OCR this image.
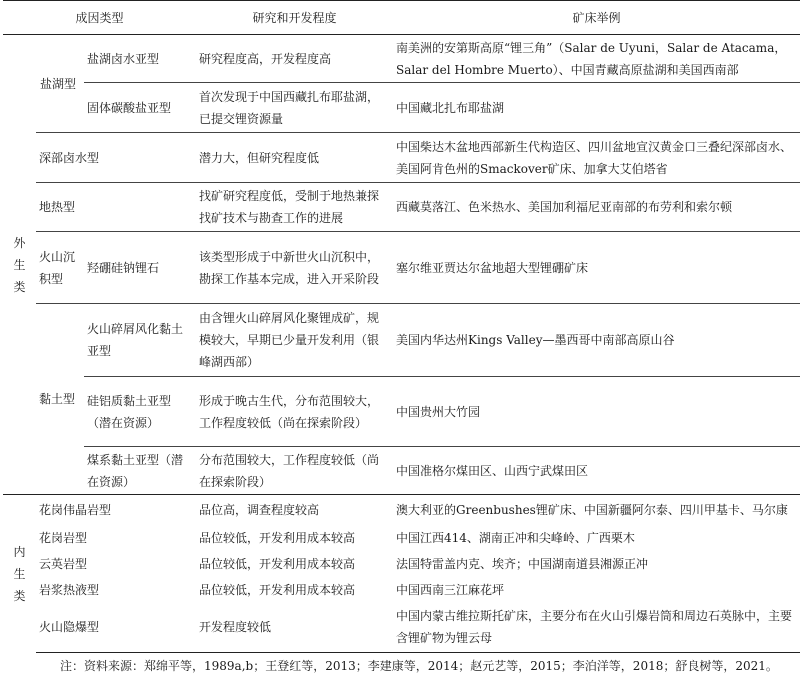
成因类型			研究和开发程度	矿床举例

外生类	盐湖型	盐湖卤水亚型	研究程度高，开发程度高	南美洲的安第斯高原“锂三角”（Salar de Uyuni，Salar de Atacama，Salar del Hombre Muerto）、中国青藏高原盐湖和美国西南部
		固体碳酸盐亚型	首次发现于中国西藏扎布耶盐湖，已提交锂资源量	中国藏北扎布耶盐湖
	深部卤水型		潜力大，但研究程度低	中国柴达木盆地西部新生代构造区、四川盆地宣汉黄金口三叠纪深部卤水、美国阿肯色州的Smackover矿床、加拿大艾伯塔省
	地热型		找矿研究程度低，受制于地热兼探找矿技术与勘查工作的进展	西藏莫落江、色米热水、美国加利福尼亚南部的布劳利和索尔顿
	火山沉积型	羟硼硅钠锂石	该类型形成于中新世火山沉积中，勘探工作基本完成，进入开采阶段	塞尔维亚贾达尔盆地超大型锂硼矿床
	黏土型	火山碎屑风化黏土亚型	由含锂火山碎屑风化聚锂成矿，规模较大，早期已少量开发利用（银峰湖西部）	美国内华达州Kings Valley—墨西哥中南部高原山谷
		硅铝质黏土亚型（潜在资源）	形成于晚古生代，分布范围较大，工作程度较低（尚在探索阶段）	中国贵州大竹园
		煤系黏土亚型（潜在资源）	分布范围较大，工作程度较低（尚在探索阶段）	中国准格尔煤田区、山西宁武煤田区

内生类	花岗伟晶岩型		品位高，调查程度较高	澳大利亚的Greenbushes锂矿床、中国新疆阿尔泰、四川甲基卡、马尔康
	花岗岩型		品位较低，开发利用成本较高	中国江西414、湖南正冲和尖峰岭、广西栗木
	云英岩型		品位较低，开发利用成本较高	法国特雷盖内克、埃齐；中国湖南道县湘源正冲
	岩浆热液型		品位较低，开发利用成本较高	中国西南三江麻花坪
	火山隐爆型		开发程度较低	中国内蒙古维拉斯托矿床，主要分布在火山引爆岩筒和周边石英脉中，主要含锂矿物为锂云母
注：资料来源：郑绵平等，1989a,b；王登红等，2013；李建康等，2014；赵元艺等，2015；李泊洋等，2018；舒良树等，2021。
